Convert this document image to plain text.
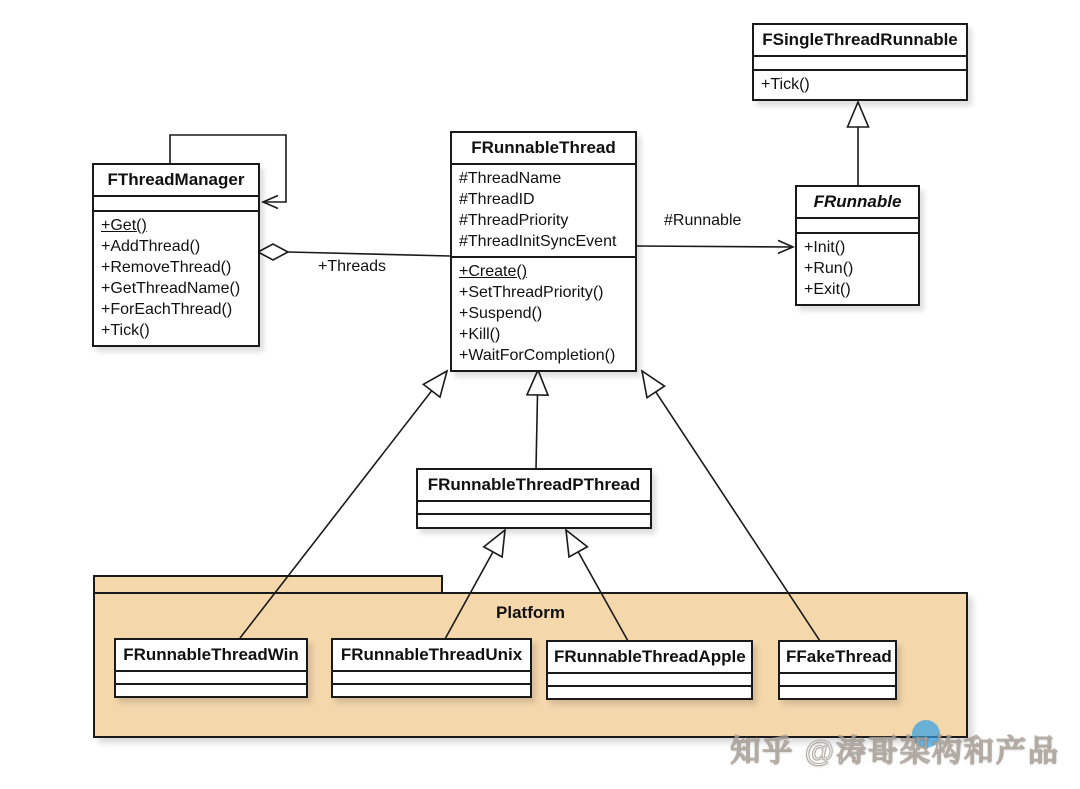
Platform
FSingleThreadRunnable
+Tick()
FThreadManager
+Get()
+AddThread()
+RemoveThread()
+GetThreadName()
+ForEachThread()
+Tick()
FRunnableThread
#ThreadName
#ThreadID
#ThreadPriority
#ThreadInitSyncEvent
+Create()
+SetThreadPriority()
+Suspend()
+Kill()
+WaitForCompletion()
FRunnable
+Init()
+Run()
+Exit()
FRunnableThreadPThread
FRunnableThreadWin	FRunnableThreadUnix	FRunnableThreadApple	FFakeThread
+Threads
#Runnable
知乎 @涛哥架构和产品
